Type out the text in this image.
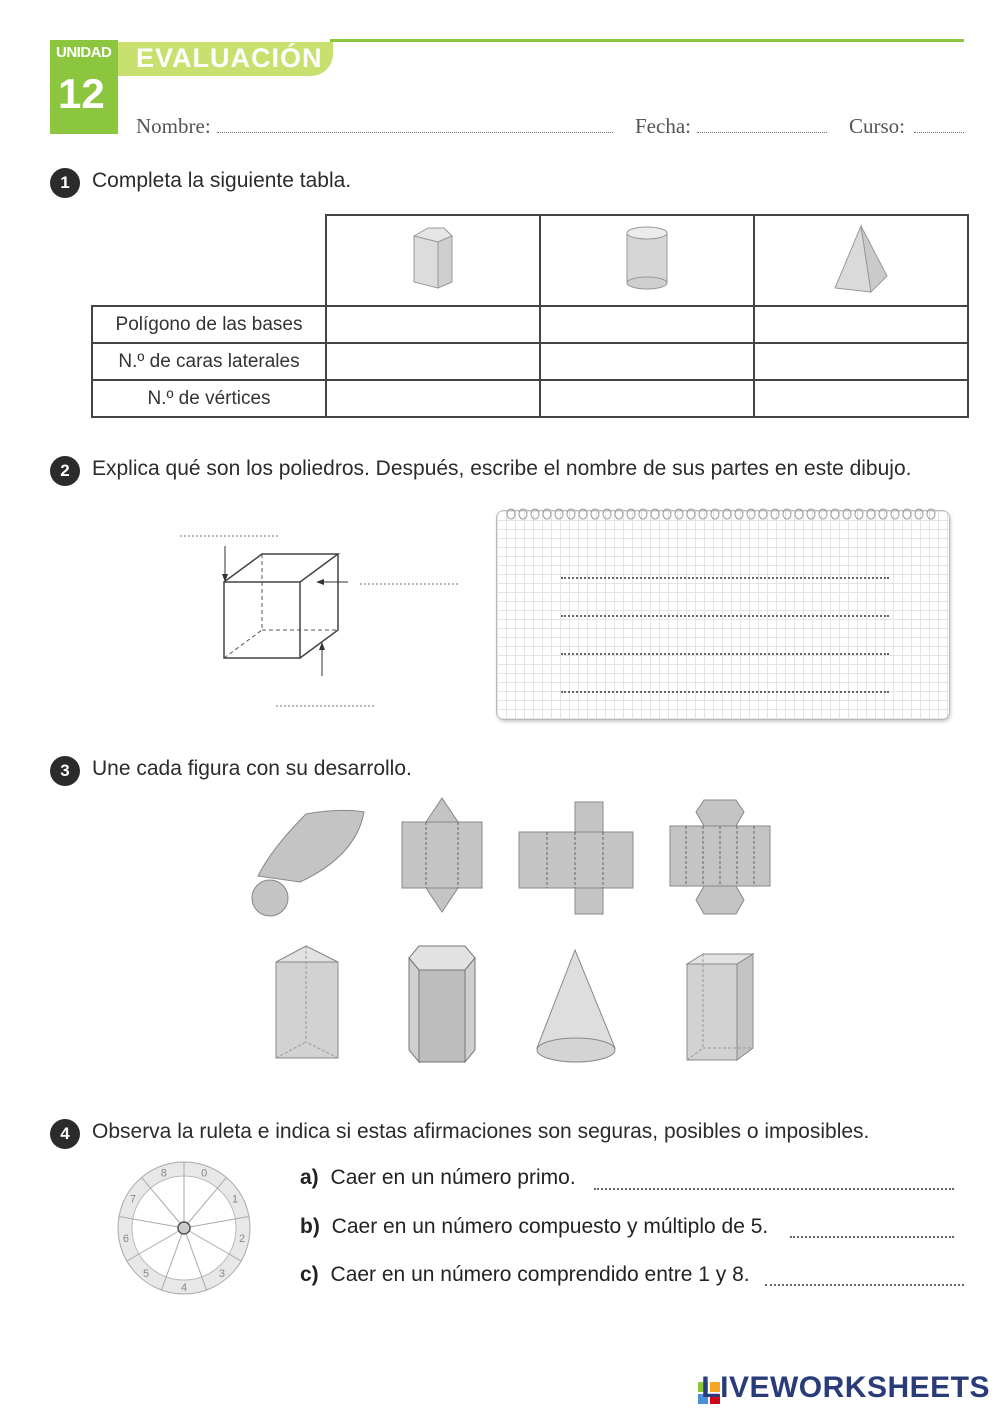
UNIDAD
12
EVALUACIÓN
Nombre:	Fecha:	Curso:
1	Completa la siguiente tabla.

Polígono de las bases			
N.º de caras laterales			
N.º de vértices			
2	Explica qué son los poliedros. Después, escribe el nombre de sus partes en este dibujo.
3	Une cada figura con su desarrollo.
4	Observa la ruleta e indica si estas afirmaciones son seguras, posibles o imposibles.
0
1
2
3
4
5
6
7
8	a) Caer en un número primo.
b) Caer en un número compuesto y múltiplo de 5.
c) Caer en un número comprendido entre 1 y 8.
LIVEWORKSHEETS
